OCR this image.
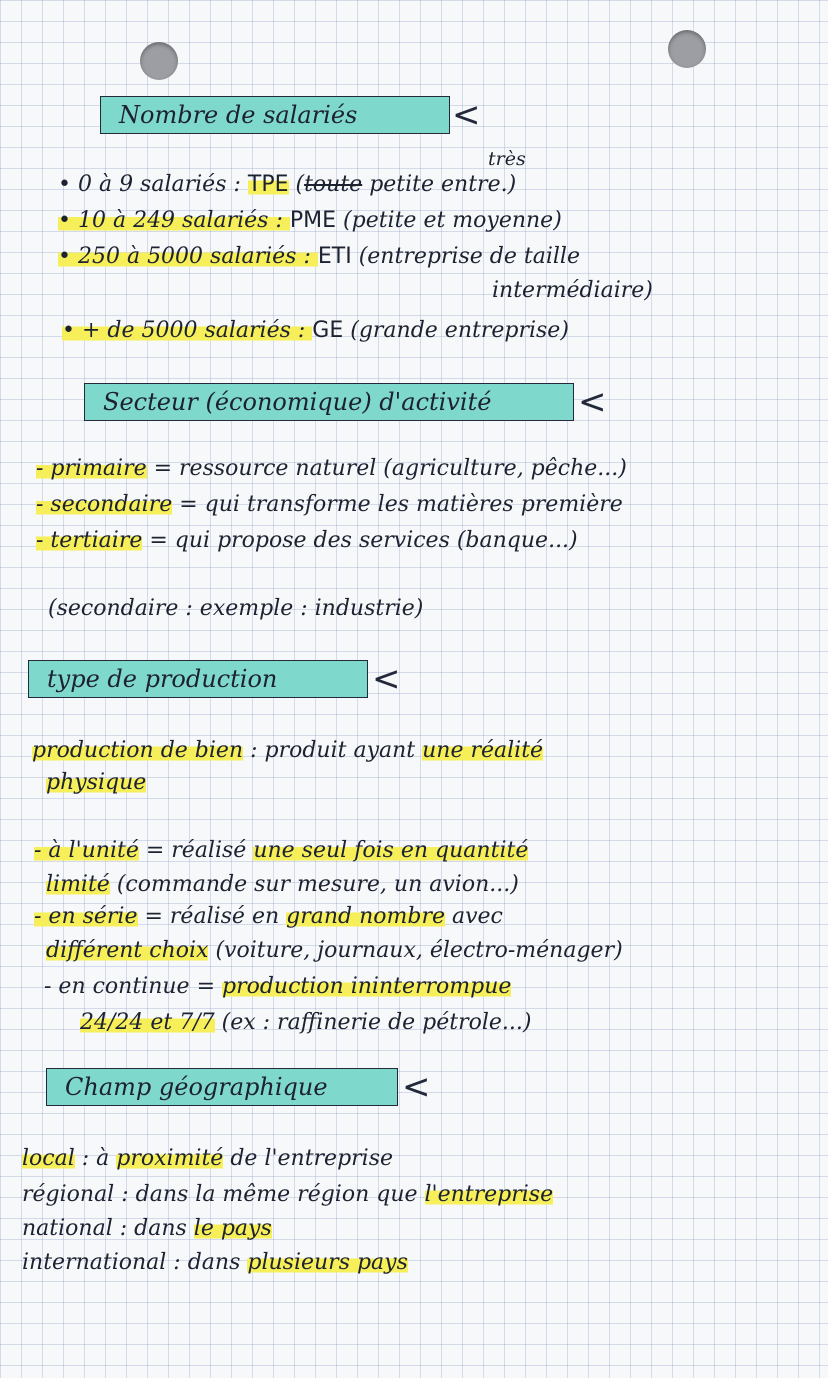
Nombre de salariés	<
très
• 0 à 9 salariés : TPE (toute petite entre.)
• 10 à 249 salariés : PME (petite et moyenne)
• 250 à 5000 salariés : ETI (entreprise de taille
intermédiaire)
• + de 5000 salariés : GE (grande entreprise)
Secteur (économique) d'activité	<
- primaire = ressource naturel (agriculture, pêche...)
- secondaire = qui transforme les matières première
- tertiaire = qui propose des services (banque...)
(secondaire : exemple : industrie)
type de production	<
production de bien : produit ayant une réalité
physique
- à l'unité = réalisé une seul fois en quantité
limité (commande sur mesure, un avion...)
- en série = réalisé en grand nombre avec
différent choix (voiture, journaux, électro-ménager)
- en continue = production ininterrompue
24/24 et 7/7 (ex : raffinerie de pétrole...)
Champ géographique <
local : à proximité de l'entreprise
régional : dans la même région que l'entreprise
national : dans le pays
international : dans plusieurs pays
